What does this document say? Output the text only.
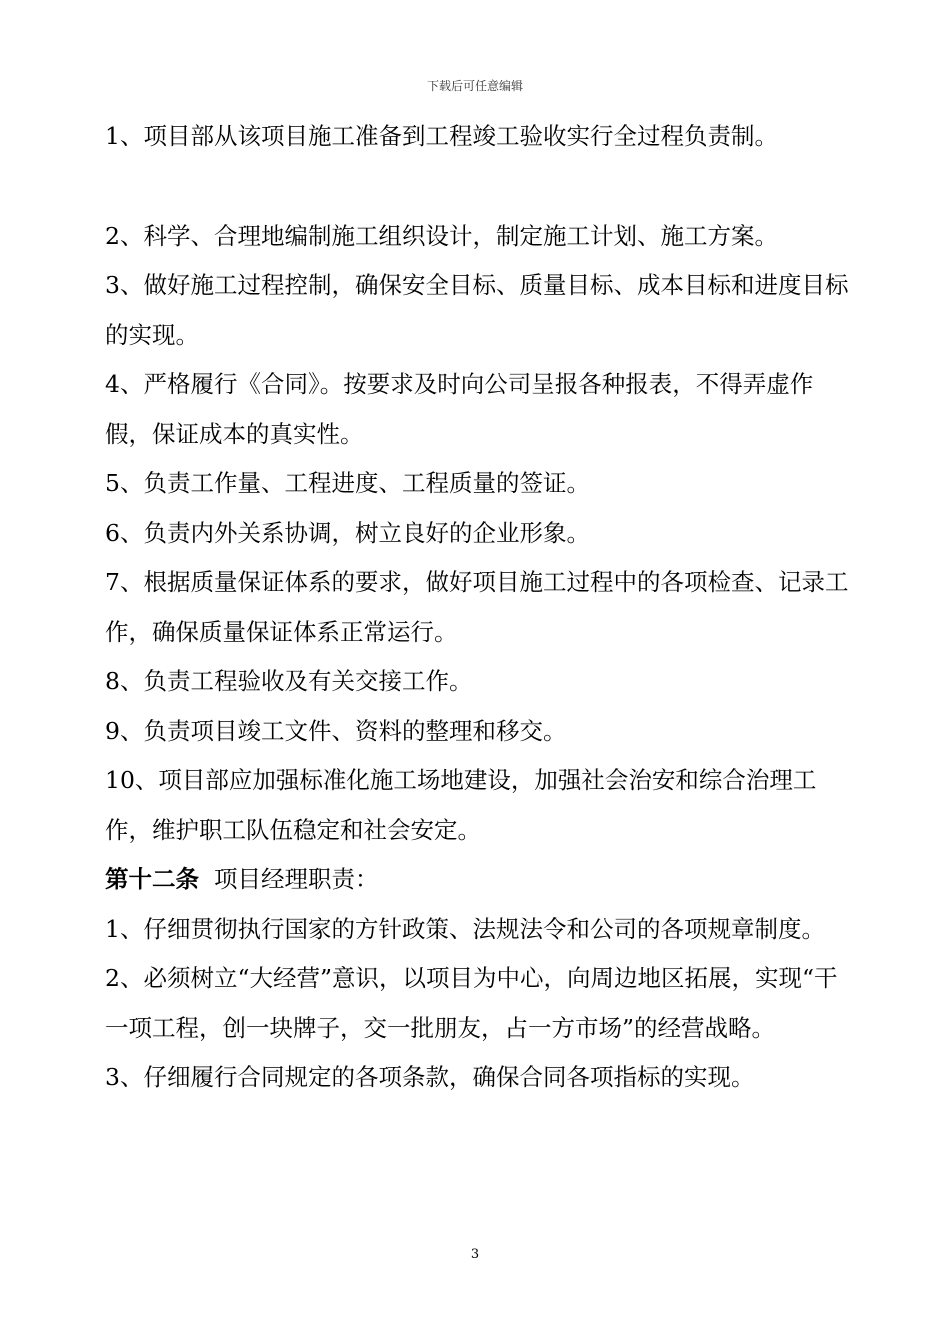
下载后可任意编辑

1、项目部从该项目施工准备到工程竣工验收实行全过程负责制。

2、科学、合理地编制施工组织设计，制定施工计划、施工方案。

3、做好施工过程控制，确保安全目标、质量目标、成本目标和进度目标的实现。

4、严格履行《合同》。按要求及时向公司呈报各种报表，不得弄虚作假，保证成本的真实性。

5、负责工作量、工程进度、工程质量的签证。

6、负责内外关系协调，树立良好的企业形象。

7、根据质量保证体系的要求，做好项目施工过程中的各项检查、记录工作，确保质量保证体系正常运行。

8、负责工程验收及有关交接工作。

9、负责项目竣工文件、资料的整理和移交。

10、项目部应加强标准化施工场地建设，加强社会治安和综合治理工作，维护职工队伍稳定和社会安定。

第十二条 项目经理职责：

1、仔细贯彻执行国家的方针政策、法规法令和公司的各项规章制度。

2、必须树立“大经营”意识，以项目为中心，向周边地区拓展，实现“干一项工程，创一块牌子，交一批朋友，占一方市场”的经营战略。

3、仔细履行合同规定的各项条款，确保合同各项指标的实现。

3
